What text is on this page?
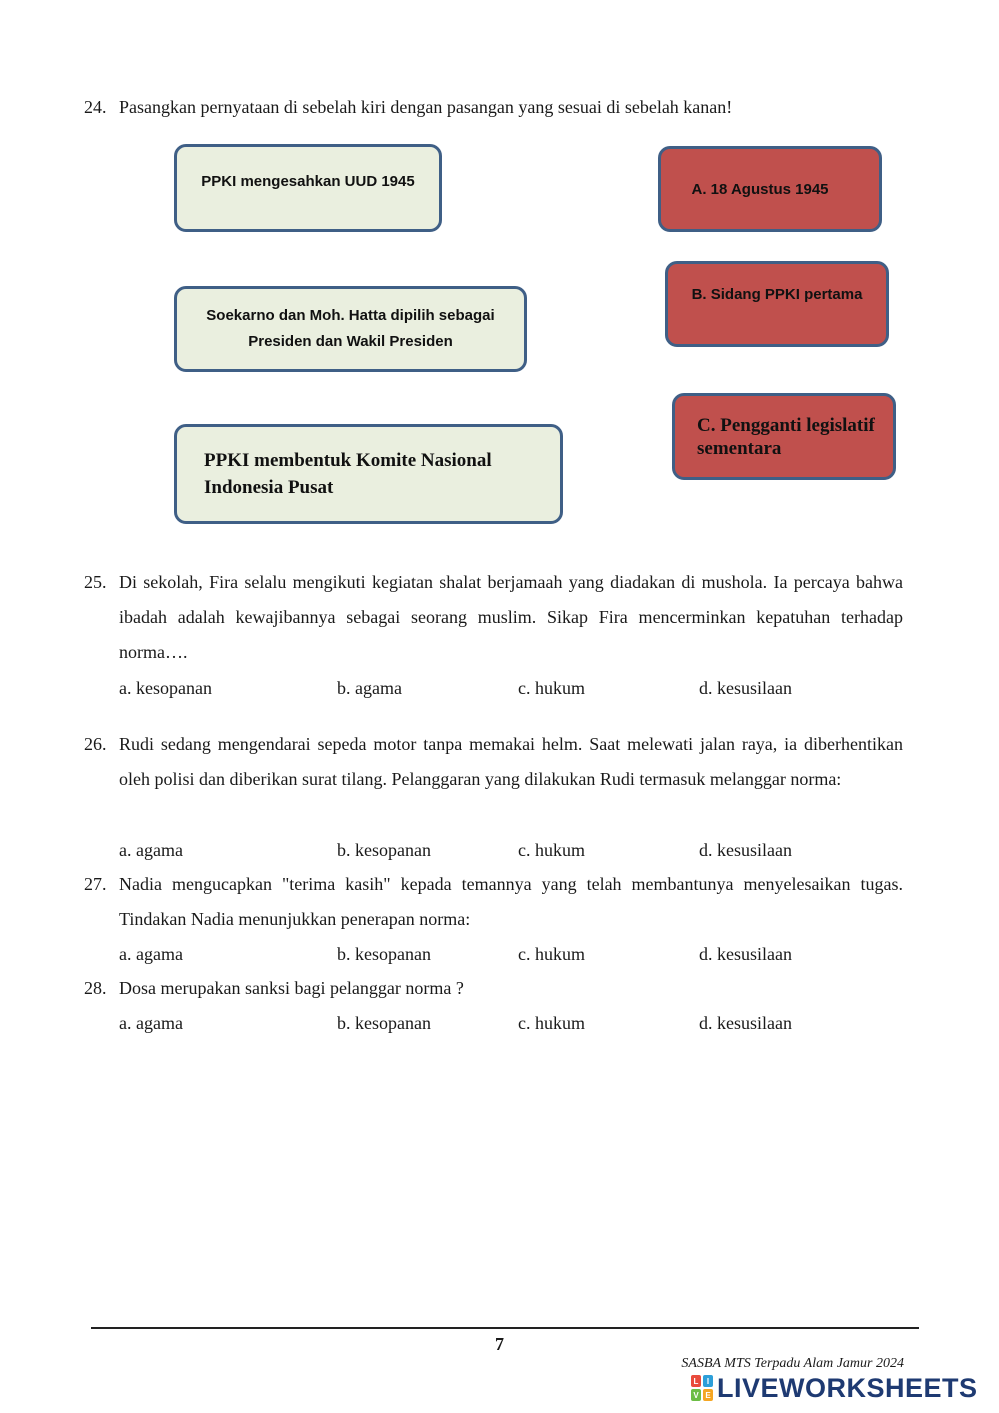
24. Pasangkan pernyataan di sebelah kiri dengan pasangan yang sesuai di sebelah kanan!
PPKI mengesahkan UUD 1945
Soekarno dan Moh. Hatta dipilih sebagai Presiden dan Wakil Presiden
PPKI membentuk Komite Nasional Indonesia Pusat
A. 18 Agustus 1945
B. Sidang PPKI pertama
C. Pengganti legislatif sementara
25. Di sekolah, Fira selalu mengikuti kegiatan shalat berjamaah yang diadakan di mushola. Ia percaya bahwa ibadah adalah kewajibannya sebagai seorang muslim. Sikap Fira mencerminkan kepatuhan terhadap norma….
a. kesopanan	b. agama	c. hukum	d. kesusilaan
26. Rudi sedang mengendarai sepeda motor tanpa memakai helm. Saat melewati jalan raya, ia diberhentikan oleh polisi dan diberikan surat tilang. Pelanggaran yang dilakukan Rudi termasuk melanggar norma:
a. agama	b. kesopanan	c. hukum	d. kesusilaan
27. Nadia mengucapkan "terima kasih" kepada temannya yang telah membantunya menyelesaikan tugas. Tindakan Nadia menunjukkan penerapan norma:
a. agama	b. kesopanan	c. hukum	d. kesusilaan
28. Dosa merupakan sanksi bagi pelanggar norma ?
a. agama	b. kesopanan	c. hukum	d. kesusilaan
7
SASBA MTS Terpadu Alam Jamur 2024
L	I
V E LIVEWORKSHEETS
